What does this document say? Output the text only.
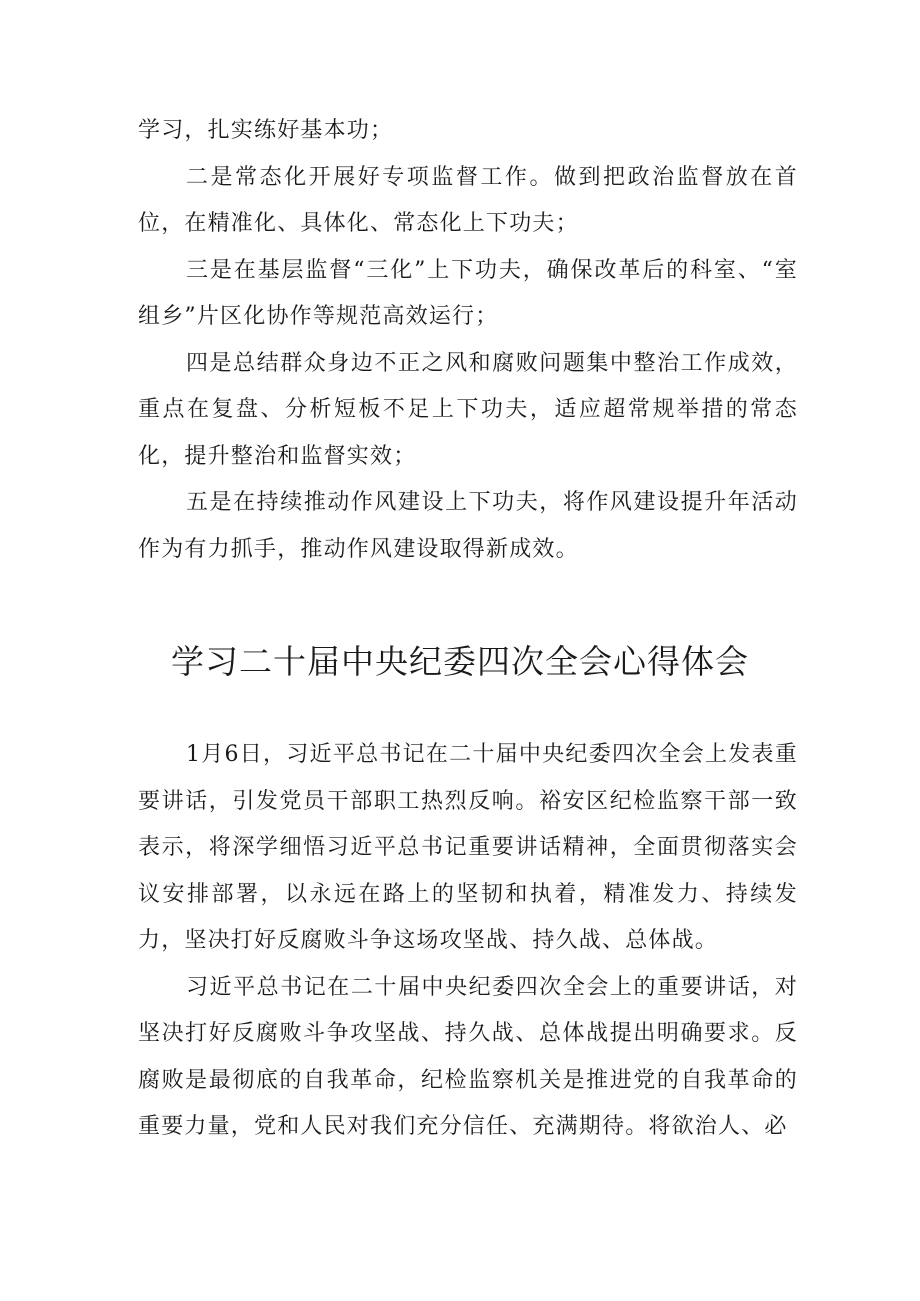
学习，扎实练好基本功；

二是常态化开展好专项监督工作。做到把政治监督放在首位，在精准化、具体化、常态化上下功夫；

三是在基层监督“三化”上下功夫，确保改革后的科室、“室组乡”片区化协作等规范高效运行；

四是总结群众身边不正之风和腐败问题集中整治工作成效，重点在复盘、分析短板不足上下功夫，适应超常规举措的常态化，提升整治和监督实效；

五是在持续推动作风建设上下功夫，将作风建设提升年活动作为有力抓手，推动作风建设取得新成效。

学习二十届中央纪委四次全会心得体会

1月6日，习近平总书记在二十届中央纪委四次全会上发表重要讲话，引发党员干部职工热烈反响。裕安区纪检监察干部一致表示，将深学细悟习近平总书记重要讲话精神，全面贯彻落实会议安排部署，以永远在路上的坚韧和执着，精准发力、持续发力，坚决打好反腐败斗争这场攻坚战、持久战、总体战。

习近平总书记在二十届中央纪委四次全会上的重要讲话，对坚决打好反腐败斗争攻坚战、持久战、总体战提出明确要求。反腐败是最彻底的自我革命，纪检监察机关是推进党的自我革命的重要力量，党和人民对我们充分信任、充满期待。将欲治人、必
